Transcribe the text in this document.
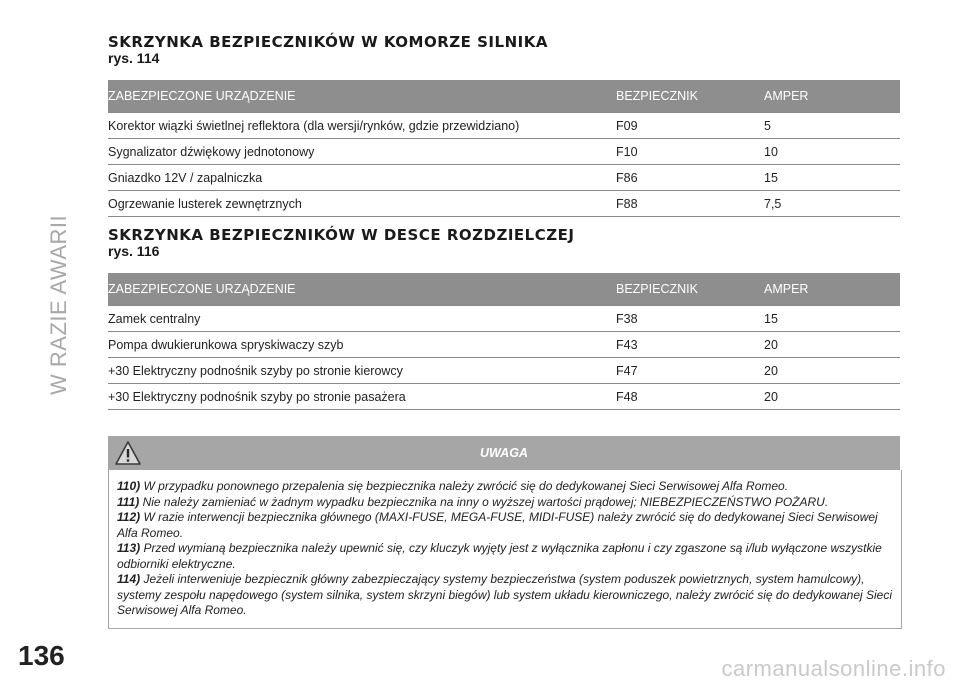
W RAZIE AWARII
136	carmanualsonline.info
SKRZYNKA BEZPIECZNIKÓW W KOMORZE SILNIKA
rys. 114
ZABEZPIECZONE URZĄDZENIE	BEZPIECZNIK	AMPER
Korektor wiązki świetlnej reflektora (dla wersji/rynków, gdzie przewidziano)	F09	5
Sygnalizator dźwiękowy jednotonowy	F10	10
Gniazdko 12V / zapalniczka	F86	15
Ogrzewanie lusterek zewnętrznych	F88	7,5
SKRZYNKA BEZPIECZNIKÓW W DESCE ROZDZIELCZEJ
rys. 116
ZABEZPIECZONE URZĄDZENIE	BEZPIECZNIK	AMPER
Zamek centralny	F38	15
Pompa dwukierunkowa spryskiwaczy szyb	F43	20
+30 Elektryczny podnośnik szyby po stronie kierowcy	F47	20
+30 Elektryczny podnośnik szyby po stronie pasażera	F48	20
UWAGA
110) W przypadku ponownego przepalenia się bezpiecznika należy zwrócić się do dedykowanej Sieci Serwisowej Alfa Romeo.
111) Nie należy zamieniać w żadnym wypadku bezpiecznika na inny o wyższej wartości prądowej; NIEBEZPIECZEŃSTWO POŻARU.
112) W razie interwencji bezpiecznika głównego (MAXI-FUSE, MEGA-FUSE, MIDI-FUSE) należy zwrócić się do dedykowanej Sieci Serwisowej Alfa Romeo.
113) Przed wymianą bezpiecznika należy upewnić się, czy kluczyk wyjęty jest z wyłącznika zapłonu i czy zgaszone są i/lub wyłączone wszystkie odbiorniki elektryczne.
114) Jeżeli interweniuje bezpiecznik główny zabezpieczający systemy bezpieczeństwa (system poduszek powietrznych, system hamulcowy), systemy zespołu napędowego (system silnika, system skrzyni biegów) lub system układu kierowniczego, należy zwrócić się do dedykowanej Sieci Serwisowej Alfa Romeo.
